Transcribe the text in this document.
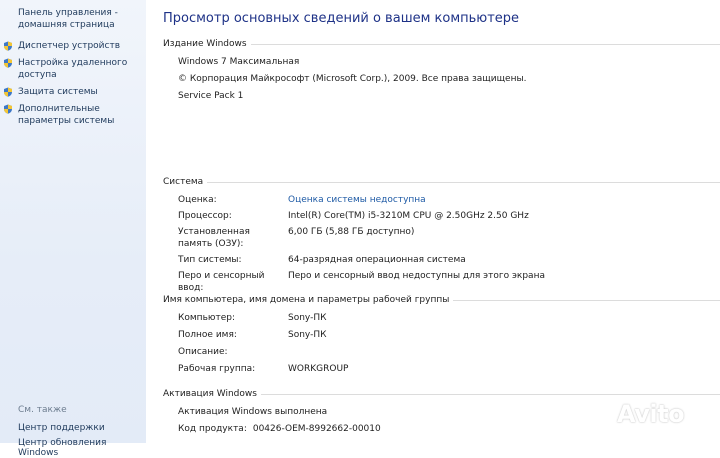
Панель управления - домашняя страница
Диспетчер устройств
Настройка удаленного доступа
Защита системы
Дополнительные параметры системы
См. также
Центр поддержки
Центр обновления Windows
Просмотр основных сведений о вашем компьютере
Издание Windows
Windows 7 Максимальная
© Корпорация Майкрософт (Microsoft Corp.), 2009. Все права защищены.
Service Pack 1
Система
Оценка:	Оценка системы недоступна
Процессор:	Intel(R) Core(TM) i5-3210M CPU @ 2.50GHz 2.50 GHz
Установленная память (ОЗУ):
6,00 ГБ (5,88 ГБ доступно)
Тип системы:	64-разрядная операционная система
Перо и сенсорный ввод:
Перо и сенсорный ввод недоступны для этого экрана
Имя компьютера, имя домена и параметры рабочей группы
Компьютер:	Sony-ПК
Полное имя:	Sony-ПК
Описание:
Рабочая группа:	WORKGROUP
Активация Windows
Активация Windows выполнена
Код продукта: 00426-OEM-8992662-00010
Avito
